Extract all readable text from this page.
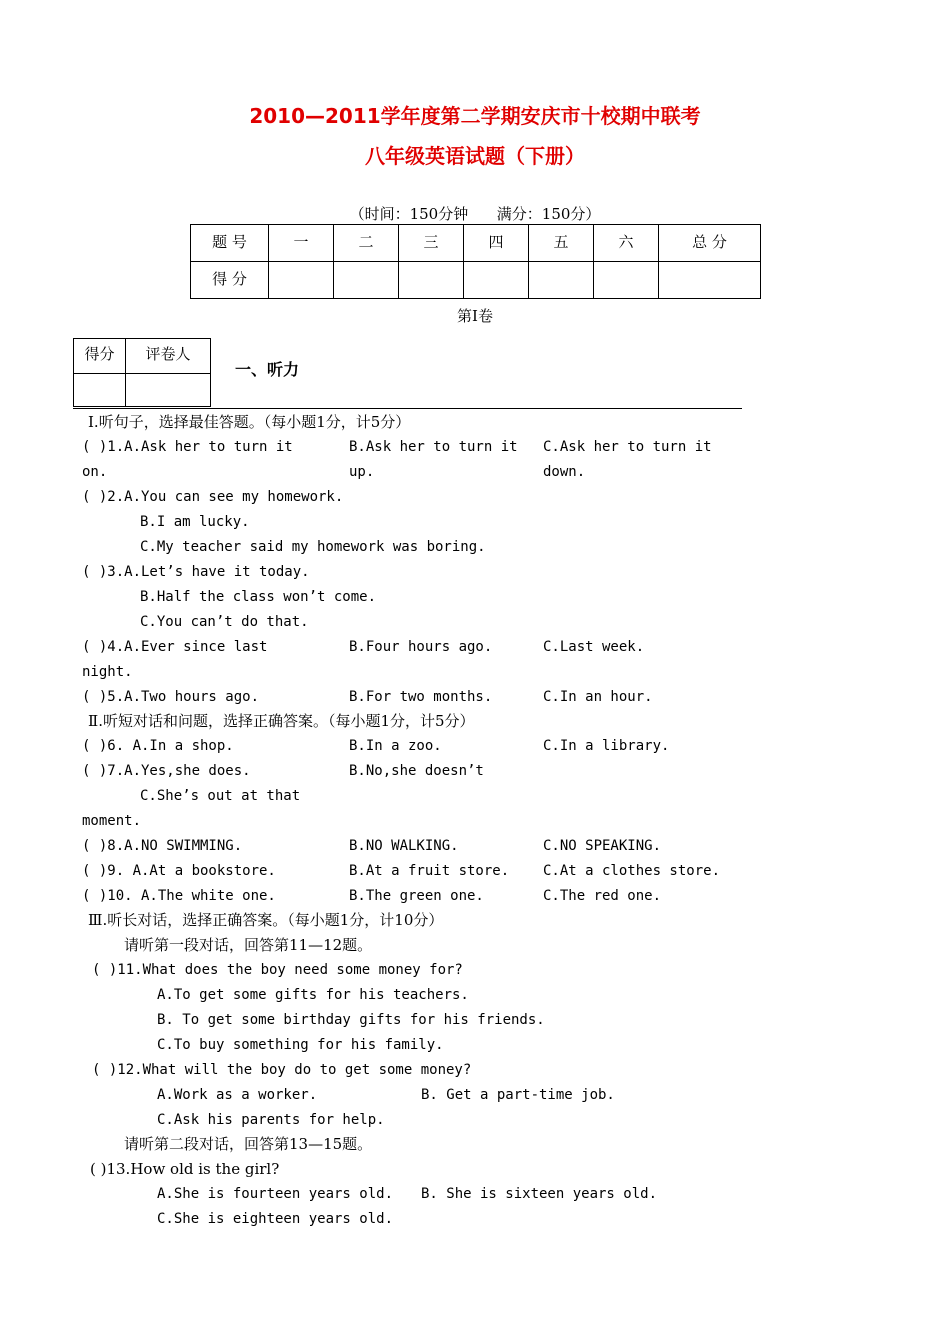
2010—2011学年度第二学期安庆市十校期中联考
八年级英语试题（下册）
（时间：150分钟      满分：150分）
题 号	一	二	三	四	五	六	总 分
得 分							
第Ⅰ卷
得分	评卷人

一、听力
Ⅰ.听句子，选择最佳答题。（每小题1分，计5分）
( )1.A.Ask her to turn it	B.Ask her to turn it C.Ask her to turn it
on.	up.	down.
( )2.A.You can see my homework.
B.I am lucky.
C.My teacher said my homework was boring.
( )3.A.Let’s have it today.
B.Half the class won’t come.
C.You can’t do that.
( )4.A.Ever since last	B.Four hours ago.	C.Last week.
night.
( )5.A.Two hours ago.	B.For two months.	C.In an hour.
Ⅱ.听短对话和问题，选择正确答案。（每小题1分，计5分）
( )6. A.In a shop.	B.In a zoo.	C.In a library.
( )7.A.Yes,she does.	B.No,she doesn’t
C.She’s out at that
moment.
( )8.A.NO SWIMMING.	B.NO WALKING.	C.NO SPEAKING.
( )9. A.At a bookstore.	B.At a fruit store. C.At a clothes store.
( )10. A.The white one.	B.The green one.	C.The red one.
Ⅲ.听长对话，选择正确答案。（每小题1分，计10分）
请听第一段对话，回答第11—12题。
( )11.What does the boy need some money for?
A.To get some gifts for his teachers.
B. To get some birthday gifts for his friends.
C.To buy something for his family.
( )12.What will the boy do to get some money?
A.Work as a worker.	B. Get a part-time job.
C.Ask his parents for help.
请听第二段对话，回答第13—15题。
( )13.How old is the girl?
A.She is fourteen years old. B. She is sixteen years old.
C.She is eighteen years old.
